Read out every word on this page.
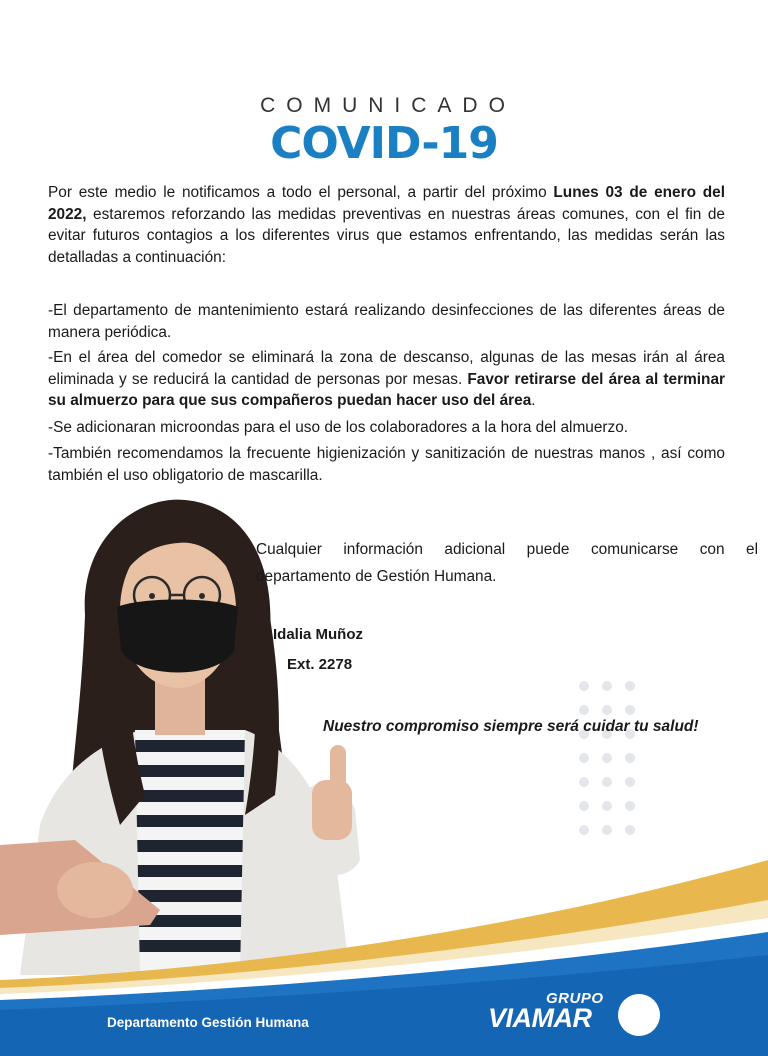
COMUNICADO
COVID-19
Por este medio le notificamos a todo el personal, a partir del próximo Lunes 03 de enero del 2022, estaremos reforzando las medidas preventivas en nuestras áreas comunes, con el fin de evitar futuros contagios a los diferentes virus que estamos enfrentando, las medidas serán las detalladas a continuación:
-El departamento de mantenimiento estará realizando desinfecciones de las diferentes áreas de manera periódica.
-En el área del comedor se eliminará la zona de descanso, algunas de las mesas irán al área eliminada y se reducirá la cantidad de personas por mesas. Favor retirarse del área al terminar su almuerzo para que sus compañeros puedan hacer uso del área.
-Se adicionaran microondas para el uso de los colaboradores a la hora del almuerzo.
-También recomendamos la frecuente higienización y sanitización de nuestras manos , así como también el uso obligatorio de mascarilla.
Cualquier información adicional puede comunicarse con el
departamento de Gestión Humana.
Idalia Muñoz
Ext. 2278
Nuestro compromiso siempre será cuidar tu salud!
Departamento Gestión Humana
GRUPO
VIAMAR
